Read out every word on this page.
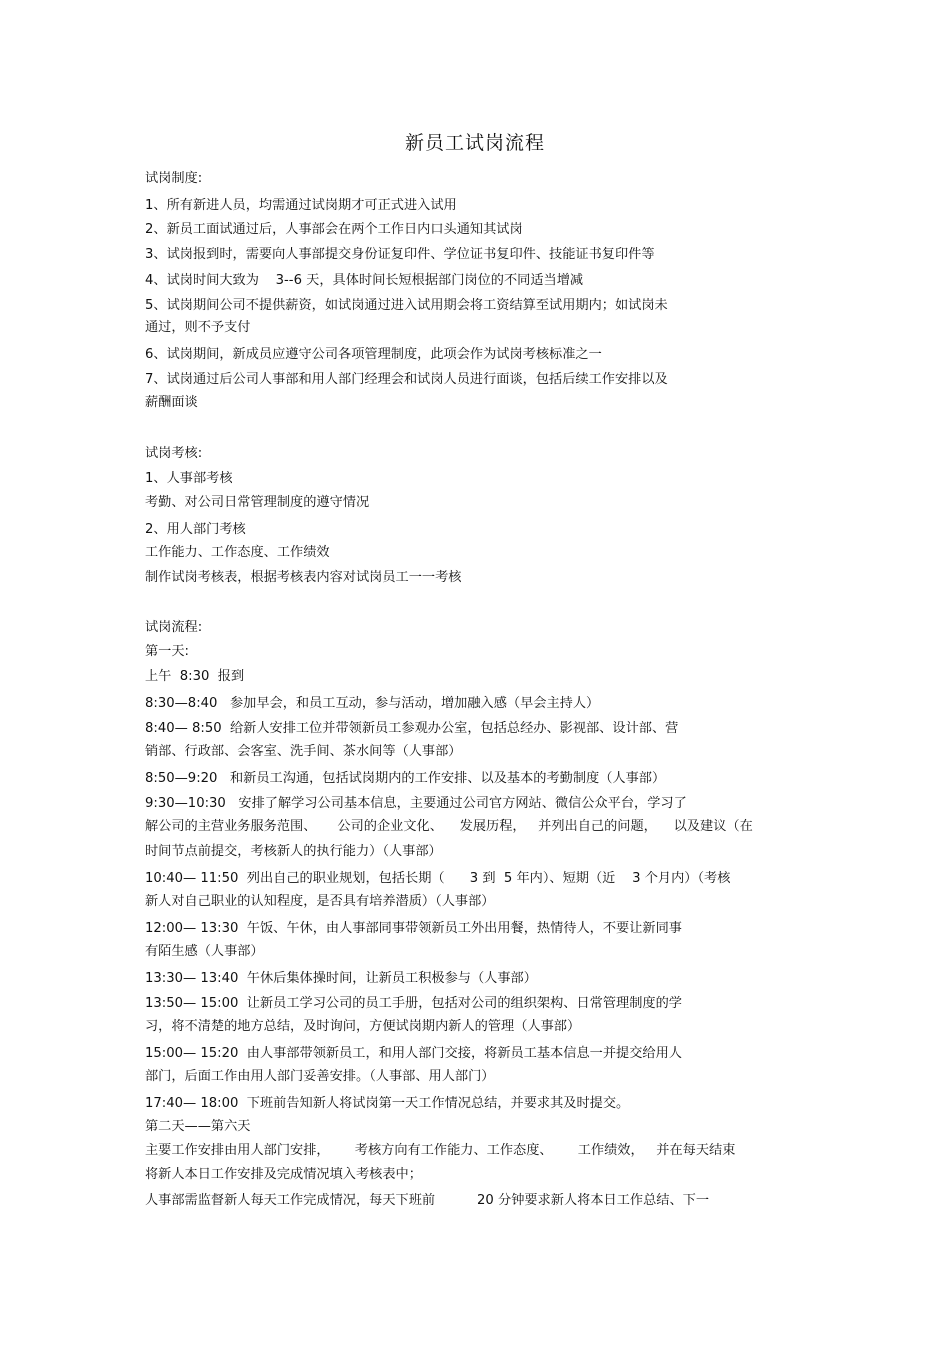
新员工试岗流程
试岗制度:
1、所有新进人员，均需通过试岗期才可正式进入试用
2、新员工面试通过后，人事部会在两个工作日内口头通知其试岗
3、试岗报到时，需要向人事部提交身份证复印件、学位证书复印件、技能证书复印件等
4、试岗时间大致为    3--6 天，具体时间长短根据部门岗位的不同适当增减
5、试岗期间公司不提供薪资，如试岗通过进入试用期会将工资结算至试用期内；如试岗未
通过，则不予支付
6、试岗期间，新成员应遵守公司各项管理制度，此项会作为试岗考核标准之一
7、试岗通过后公司人事部和用人部门经理会和试岗人员进行面谈，包括后续工作安排以及
薪酬面谈
试岗考核:
1、人事部考核
考勤、对公司日常管理制度的遵守情况
2、用人部门考核
工作能力、工作态度、工作绩效
制作试岗考核表，根据考核表内容对试岗员工一一考核
试岗流程:
第一天:
上午  8:30  报到
8:30—8:40   参加早会，和员工互动，参与活动，增加融入感（早会主持人）
8:40— 8:50  给新人安排工位并带领新员工参观办公室，包括总经办、影视部、设计部、营
销部、行政部、会客室、洗手间、茶水间等（人事部）
8:50—9:20   和新员工沟通，包括试岗期内的工作安排、以及基本的考勤制度（人事部）
9:30—10:30   安排了解学习公司基本信息，主要通过公司官方网站、微信公众平台，学习了
解公司的主营业务服务范围、     公司的企业文化、    发展历程，   并列出自己的问题，    以及建议（在
时间节点前提交，考核新人的执行能力）（人事部）
10:40— 11:50  列出自己的职业规划，包括长期（      3 到  5 年内）、短期（近    3 个月内）（考核
新人对自己职业的认知程度，是否具有培养潜质）（人事部）
12:00— 13:30  午饭、午休，由人事部同事带领新员工外出用餐，热情待人，不要让新同事
有陌生感（人事部）
13:30— 13:40  午休后集体操时间，让新员工积极参与（人事部）
13:50— 15:00  让新员工学习公司的员工手册，包括对公司的组织架构、日常管理制度的学
习，将不清楚的地方总结，及时询问，方便试岗期内新人的管理（人事部）
15:00— 15:20  由人事部带领新员工，和用人部门交接，将新员工基本信息一并提交给用人
部门，后面工作由用人部门妥善安排。（人事部、用人部门）
17:40— 18:00  下班前告知新人将试岗第一天工作情况总结，并要求其及时提交。
第二天——第六天
主要工作安排由用人部门安排，      考核方向有工作能力、工作态度、      工作绩效，   并在每天结束
将新人本日工作安排及完成情况填入考核表中；
人事部需监督新人每天工作完成情况，每天下班前          20 分钟要求新人将本日工作总结、下一
